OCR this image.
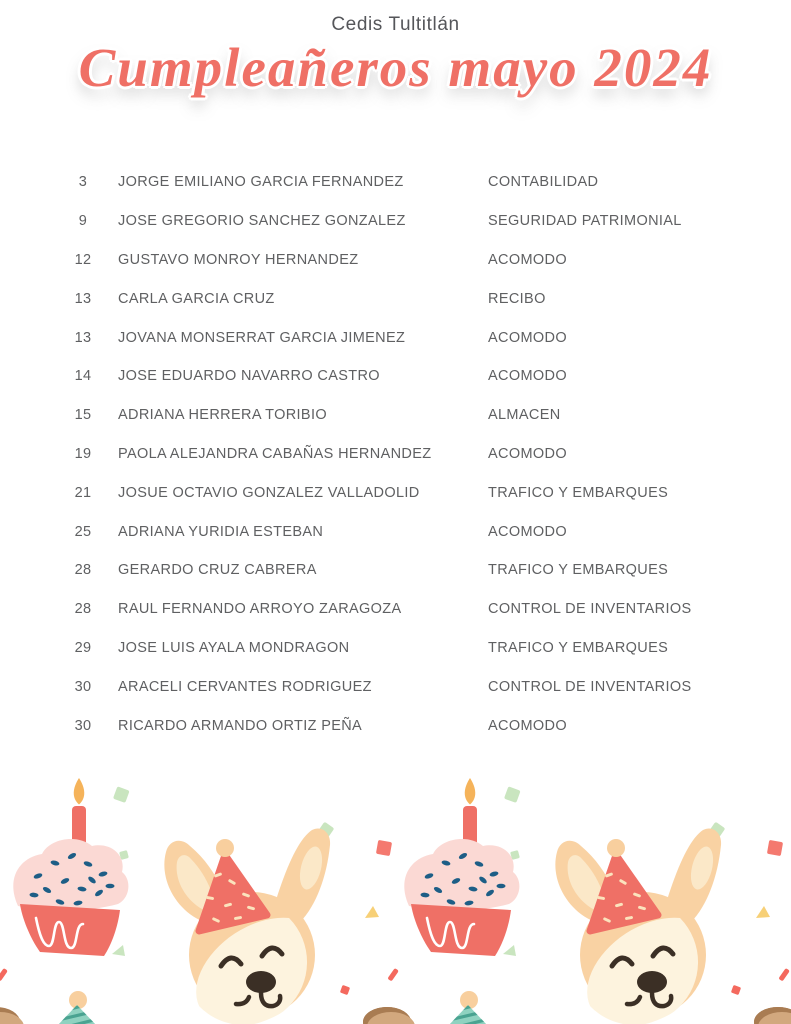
Cedis Tultitlán
Cumpleañeros mayo 2024
3	JORGE EMILIANO GARCIA FERNANDEZ	CONTABILIDAD
9	JOSE GREGORIO SANCHEZ GONZALEZ	SEGURIDAD PATRIMONIAL
12	GUSTAVO MONROY HERNANDEZ	ACOMODO
13	CARLA GARCIA CRUZ	RECIBO
13	JOVANA MONSERRAT GARCIA JIMENEZ	ACOMODO
14	JOSE EDUARDO NAVARRO CASTRO	ACOMODO
15	ADRIANA HERRERA TORIBIO	ALMACEN
19	PAOLA ALEJANDRA CABAÑAS HERNANDEZ	ACOMODO
21	JOSUE OCTAVIO GONZALEZ VALLADOLID	TRAFICO Y EMBARQUES
25	ADRIANA YURIDIA ESTEBAN	ACOMODO
28	GERARDO CRUZ CABRERA	TRAFICO Y EMBARQUES
28	RAUL FERNANDO ARROYO ZARAGOZA	CONTROL DE INVENTARIOS
29	JOSE LUIS AYALA MONDRAGON	TRAFICO Y EMBARQUES
30	ARACELI CERVANTES RODRIGUEZ	CONTROL DE INVENTARIOS
30	RICARDO ARMANDO ORTIZ PEÑA	ACOMODO
